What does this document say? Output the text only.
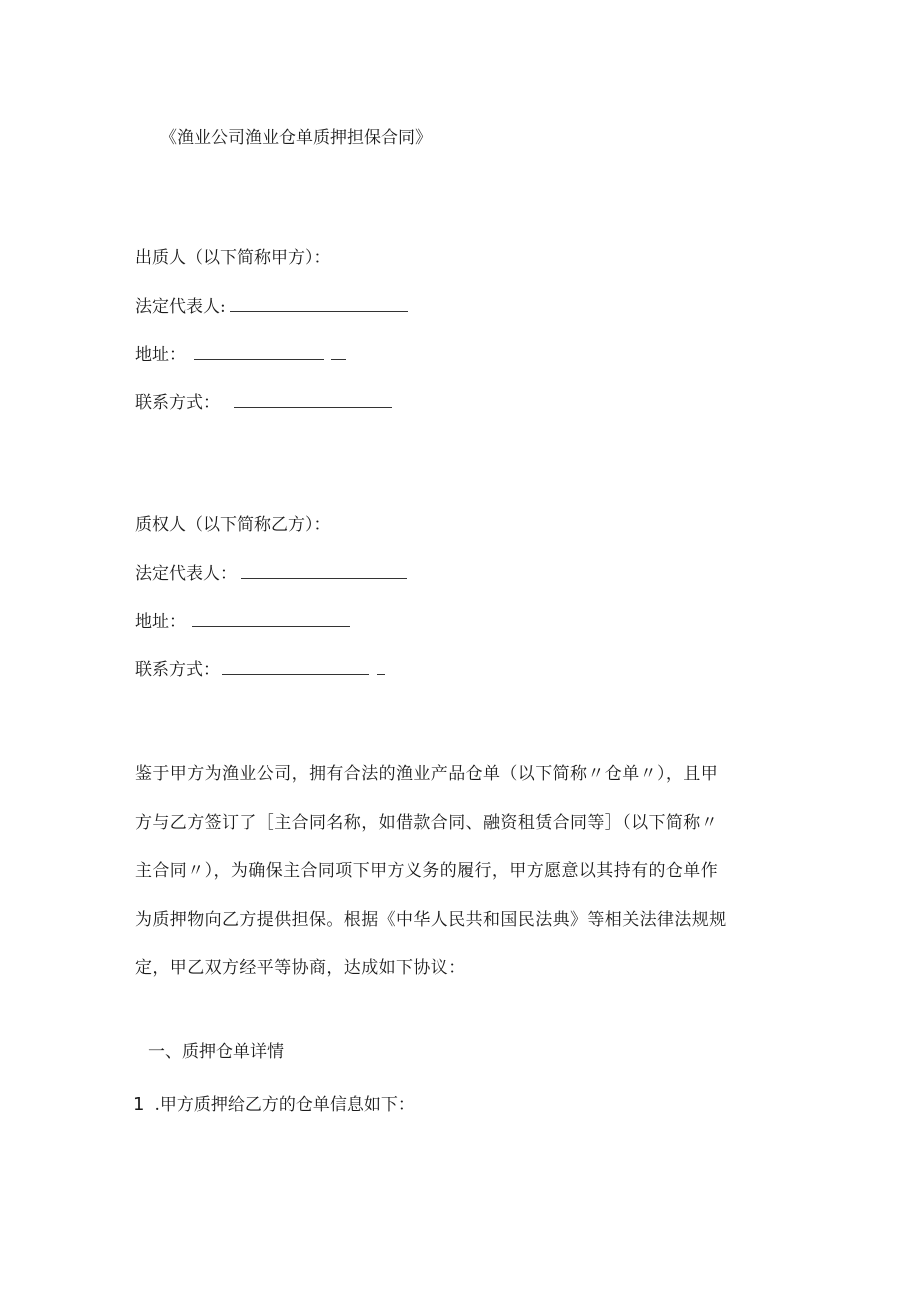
《渔业公司渔业仓单质押担保合同》
出质人（以下简称甲方）：
法定代表人:
地址：
联系方式：
质权人（以下简称乙方）：
法定代表人：
地址：
联系方式：

鉴于甲方为渔业公司，拥有合法的渔业产品仓单（以下简称〃仓单〃），且甲

方与乙方签订了［主合同名称，如借款合同、融资租赁合同等］（以下简称〃

主合同〃），为确保主合同项下甲方义务的履行，甲方愿意以其持有的仓单作

为质押物向乙方提供担保。根据《中华人民共和国民法典》等相关法律法规规

定，甲乙双方经平等协商，达成如下协议：

一、质押仓单详情
1 .甲方质押给乙方的仓单信息如下：
